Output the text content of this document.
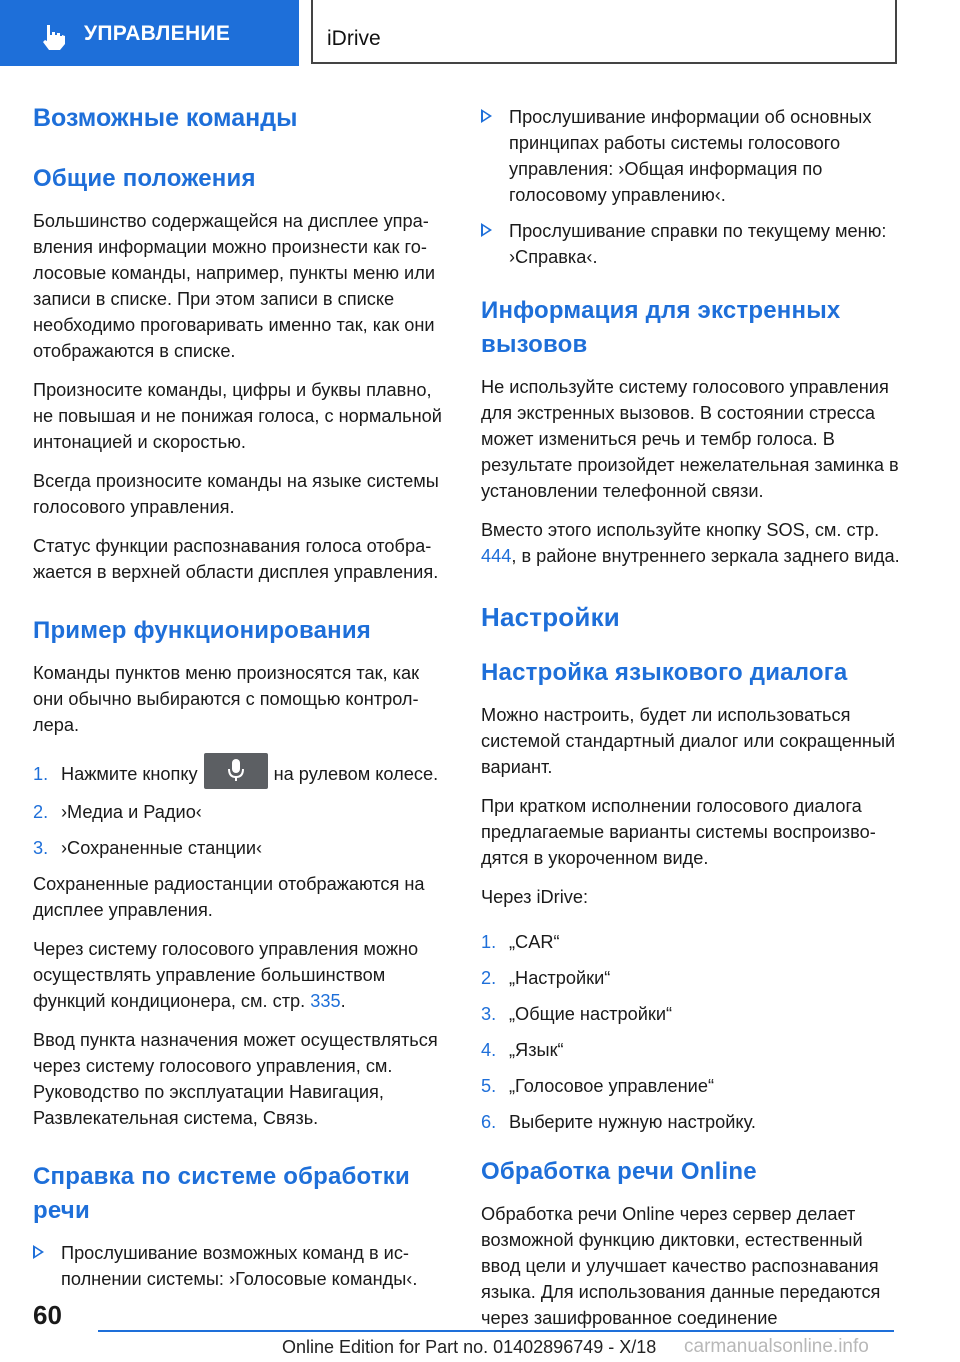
УПРАВЛЕНИЕ	iDrive
Возможные команды
Общие положения

Большинство содержащейся на дисплее управления информации можно произнести как голосовые команды, например, пункты меню или записи в списке. При этом записи в списке необходимо проговаривать именно так, как они отображаются в списке.

Произносите команды, цифры и буквы плавно, не повышая и не понижая голоса, с нормальной интонацией и скоростью.

Всегда произносите команды на языке системы голосового управления.

Статус функции распознавания голоса отображается в верхней области дисплея управления.

Пример функционирования

Команды пунктов меню произносятся так, как они обычно выбираются с помощью контроллера.

1. Нажмите кнопку	на рулевом колесе.
2. ›Медиа и Радио‹
3. ›Сохраненные станции‹

Сохраненные радиостанции отображаются на дисплее управления.

Через систему голосового управления можно осуществлять управление большинством функций кондиционера, см. стр. 335.

Ввод пункта назначения может осуществляться через систему голосового управления, см. Руководство по эксплуатации Навигация, Развлекательная система, Связь.

Справка по системе обработки речи
Прослушивание возможных команд в исполнении системы: ›Голосовые команды‹.
Прослушивание информации об основных принципах работы системы голосового управления: ›Общая информация по голосовому управлению‹.
Прослушивание справки по текущему меню: ›Справка‹.
Информация для экстренных вызовов

Не используйте систему голосового управления для экстренных вызовов. В состоянии стресса может измениться речь и тембр голоса. В результате произойдет нежелательная заминка в установлении телефонной связи.

Вместо этого используйте кнопку SOS, см. стр. 444, в районе внутреннего зеркала заднего вида.

Настройки
Настройка языкового диалога

Можно настроить, будет ли использоваться системой стандартный диалог или сокращенный вариант.

При кратком исполнении голосового диалога предлагаемые варианты системы воспроизводятся в укороченном виде.

Через iDrive:

1. „CAR“
2. „Настройки“
3. „Общие настройки“
4. „Язык“
5. „Голосовое управление“
6. Выберите нужную настройку.
Обработка речи Online

Обработка речи Online через сервер делает возможной функцию диктовки, естественный ввод цели и улучшает качество распознавания языка. Для использования данные передаются через зашифрованное соединение

60
Online Edition for Part no. 01402896749 - X/18 carmanualsonline.info
